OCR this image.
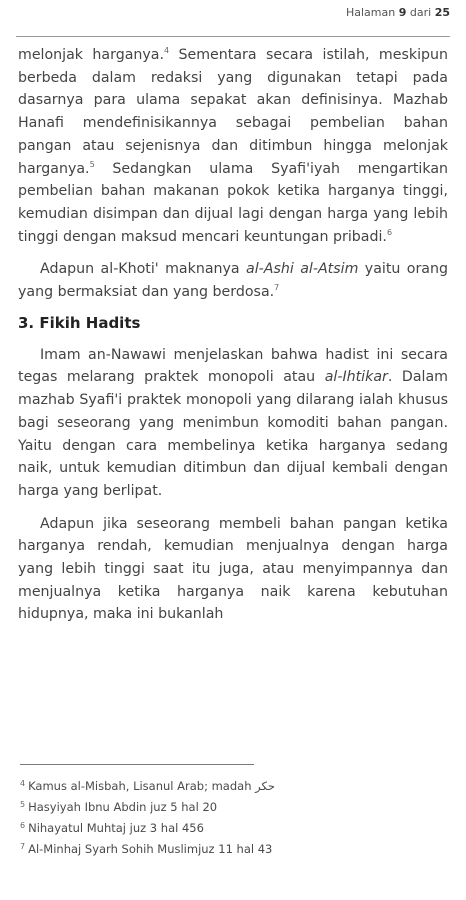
Halaman 9 dari 25

melonjak harganya.$^4$ Sementara secara istilah, meskipun berbeda dalam redaksi yang digunakan tetapi pada dasarnya para ulama sepakat akan definisinya. Mazhab Hanafi mendefinisikannya sebagai pembelian bahan pangan atau sejenisnya dan ditimbun hingga melonjak harganya.$^5$ Sedangkan ulama Syafi'iyah mengartikan pembelian bahan makanan pokok ketika harganya tinggi, kemudian disimpan dan dijual lagi dengan harga yang lebih tinggi dengan maksud mencari keuntungan pribadi.$^6$

Adapun al-Khoti' maknanya al-Ashi al-Atsim yaitu orang yang bermaksiat dan yang berdosa.$^7$

3. Fikih Hadits

Imam an-Nawawi menjelaskan bahwa hadist ini secara tegas melarang praktek monopoli atau al-Ihtikar. Dalam mazhab Syafi'i praktek monopoli yang dilarang ialah khusus bagi seseorang yang menimbun komoditi bahan pangan. Yaitu dengan cara membelinya ketika harganya sedang naik, untuk kemudian ditimbun dan dijual kembali dengan harga yang berlipat.

Adapun jika seseorang membeli bahan pangan ketika harganya rendah, kemudian menjualnya dengan harga yang lebih tinggi saat itu juga, atau menyimpannya dan menjualnya ketika harganya naik karena kebutuhan hidupnya, maka ini bukanlah

$^4$ Kamus al-Misbah, Lisanul Arab; madah حكر
$^5$ Hasyiyah Ibnu Abdin juz 5 hal 20
$^6$ Nihayatul Muhtaj juz 3 hal 456
$^7$ Al-Minhaj Syarh Sohih Muslimjuz 11 hal 43
